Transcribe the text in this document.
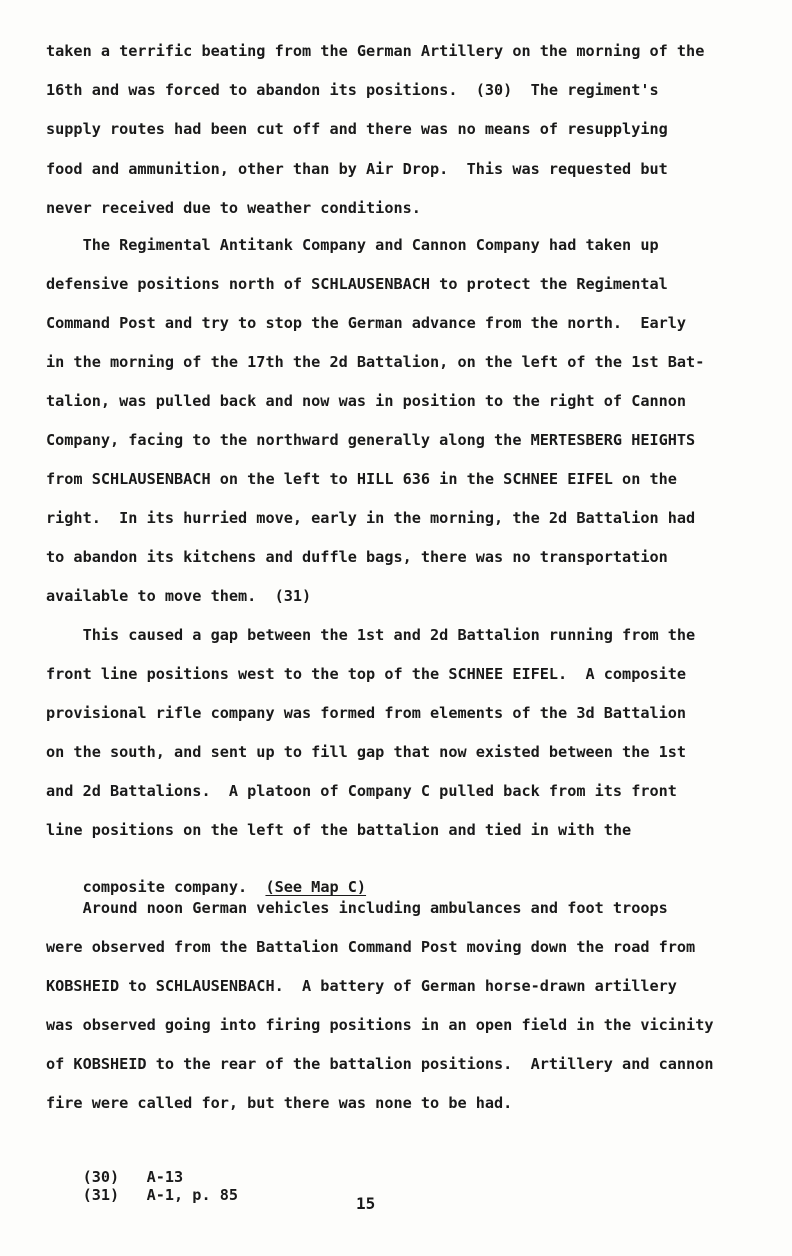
taken a terrific beating from the German Artillery on the morning of the
16th and was forced to abandon its positions.  (30)  The regiment's
supply routes had been cut off and there was no means of resupplying
food and ammunition, other than by Air Drop.  This was requested but
never received due to weather conditions.
The Regimental Antitank Company and Cannon Company had taken up
defensive positions north of SCHLAUSENBACH to protect the Regimental
Command Post and try to stop the German advance from the north.  Early
in the morning of the 17th the 2d Battalion, on the left of the 1st Bat-
talion, was pulled back and now was in position to the right of Cannon
Company, facing to the northward generally along the MERTESBERG HEIGHTS
from SCHLAUSENBACH on the left to HILL 636 in the SCHNEE EIFEL on the
right.  In its hurried move, early in the morning, the 2d Battalion had
to abandon its kitchens and duffle bags, there was no transportation
available to move them.  (31)
This caused a gap between the 1st and 2d Battalion running from the
front line positions west to the top of the SCHNEE EIFEL.  A composite
provisional rifle company was formed from elements of the 3d Battalion
on the south, and sent up to fill gap that now existed between the 1st
and 2d Battalions.  A platoon of Company C pulled back from its front
line positions on the left of the battalion and tied in with the

composite company.  (See Map C)

Around noon German vehicles including ambulances and foot troops
were observed from the Battalion Command Post moving down the road from
KOBSHEID to SCHLAUSENBACH.  A battery of German horse-drawn artillery
was observed going into firing positions in an open field in the vicinity
of KOBSHEID to the rear of the battalion positions.  Artillery and cannon
fire were called for, but there was none to be had.

(30) A-13

(31) A-1, p. 85
	15
